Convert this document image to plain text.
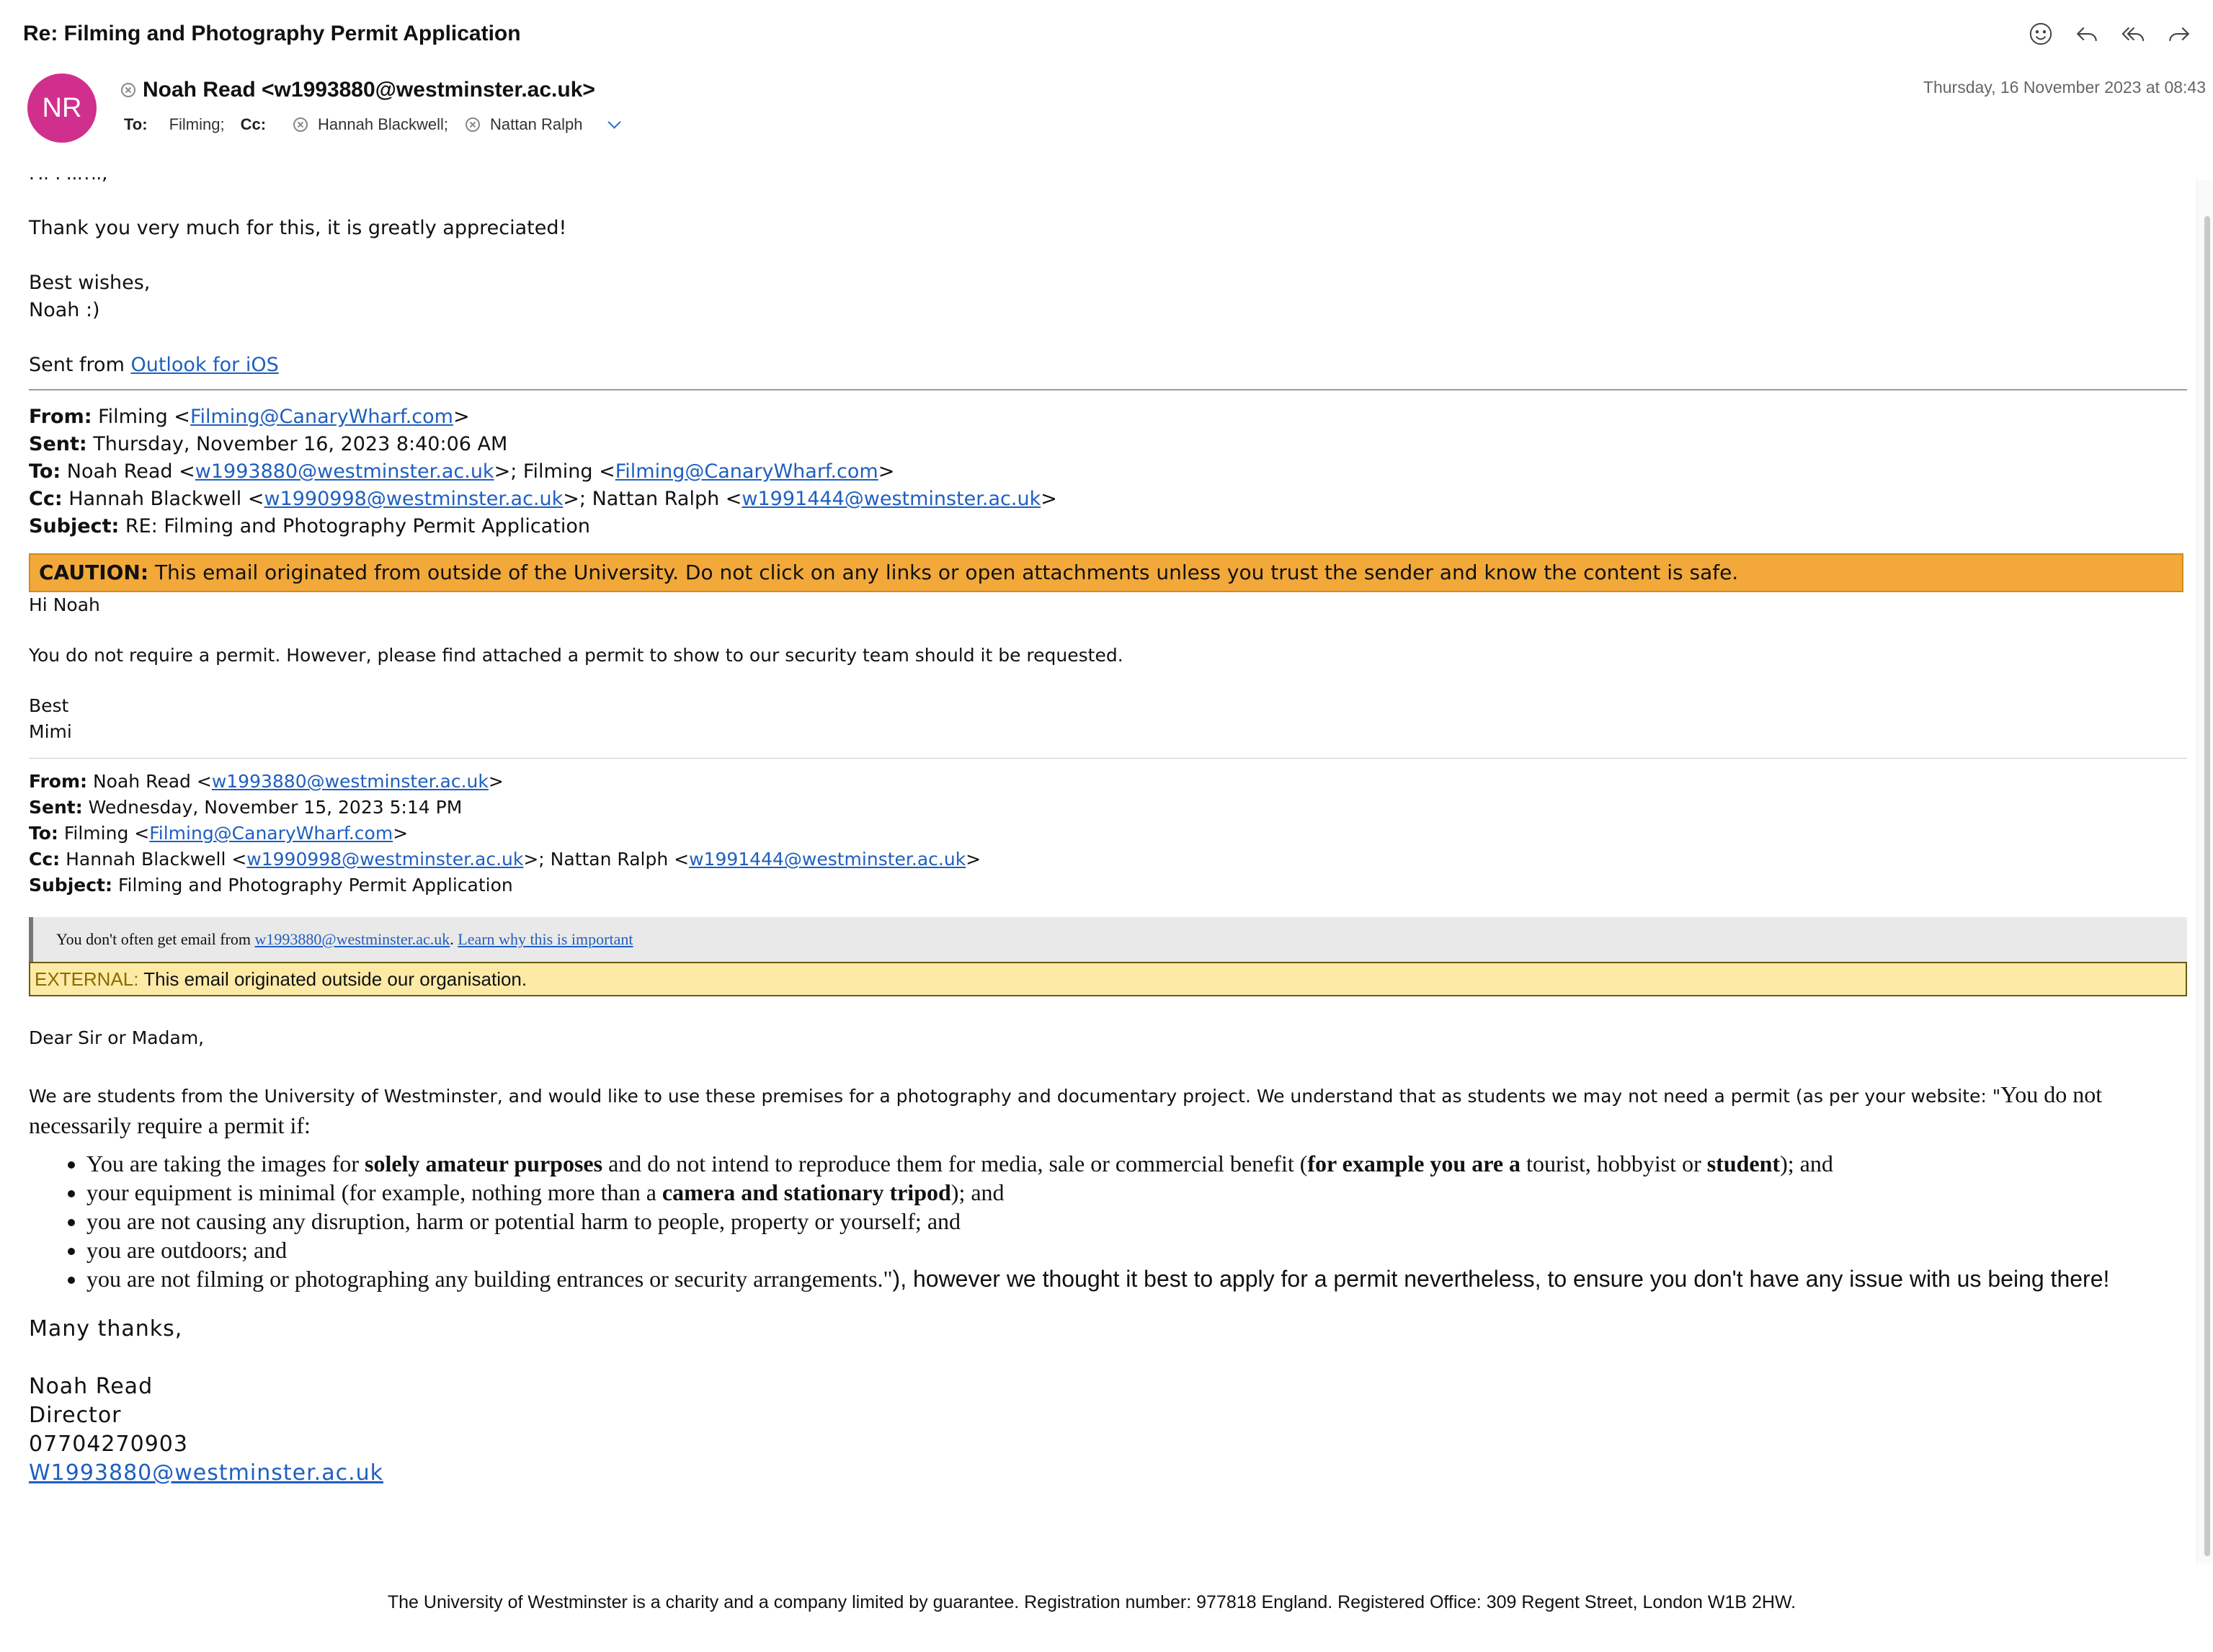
Re: Filming and Photography Permit Application
NR
Noah Read <w1993880@westminster.ac.uk>
To: Filming; Cc:	Hannah Blackwell;	Nattan Ralph
Thursday, 16 November 2023 at 08:43

Thank you very much for this, it is greatly appreciated!

Best wishes,

Noah :)

Sent from Outlook for iOS

From: Filming <Filming@CanaryWharf.com>
Sent: Thursday, November 16, 2023 8:40:06 AM
To: Noah Read <w1993880@westminster.ac.uk>; Filming <Filming@CanaryWharf.com>
Cc: Hannah Blackwell <w1990998@westminster.ac.uk>; Nattan Ralph <w1991444@westminster.ac.uk>
Subject: RE: Filming and Photography Permit Application
CAUTION: This email originated from outside of the University. Do not click on any links or open attachments unless you trust the sender and know the content is safe.

Hi Noah

You do not require a permit. However, please find attached a permit to show to our security team should it be requested.

Best

Mimi

From: Noah Read <w1993880@westminster.ac.uk>
Sent: Wednesday, November 15, 2023 5:14 PM
To: Filming <Filming@CanaryWharf.com>
Cc: Hannah Blackwell <w1990998@westminster.ac.uk>; Nattan Ralph <w1991444@westminster.ac.uk>
Subject: Filming and Photography Permit Application
You don't often get email from w1993880@westminster.ac.uk. Learn why this is important
EXTERNAL: This email originated outside our organisation.

Dear Sir or Madam,

We are students from the University of Westminster, and would like to use these premises for a photography and documentary project. We understand that as students we may not need a permit (as per your website: "You do not necessarily require a permit if:

• You are taking the images for solely amateur purposes and do not intend to reproduce them for media, sale or commercial benefit (for example you are a tourist, hobbyist or student); and
• your equipment is minimal (for example, nothing more than a camera and stationary tripod); and
• you are not causing any disruption, harm or potential harm to people, property or yourself; and
• you are outdoors; and
• you are not filming or photographing any building entrances or security arrangements."), however we thought it best to apply for a permit nevertheless, to ensure you don't have any issue with us being there!

Many thanks,

Noah Read

Director

07704270903

W1993880@westminster.ac.uk

The University of Westminster is a charity and a company limited by guarantee. Registration number: 977818 England. Registered Office: 309 Regent Street, London W1B 2HW.
